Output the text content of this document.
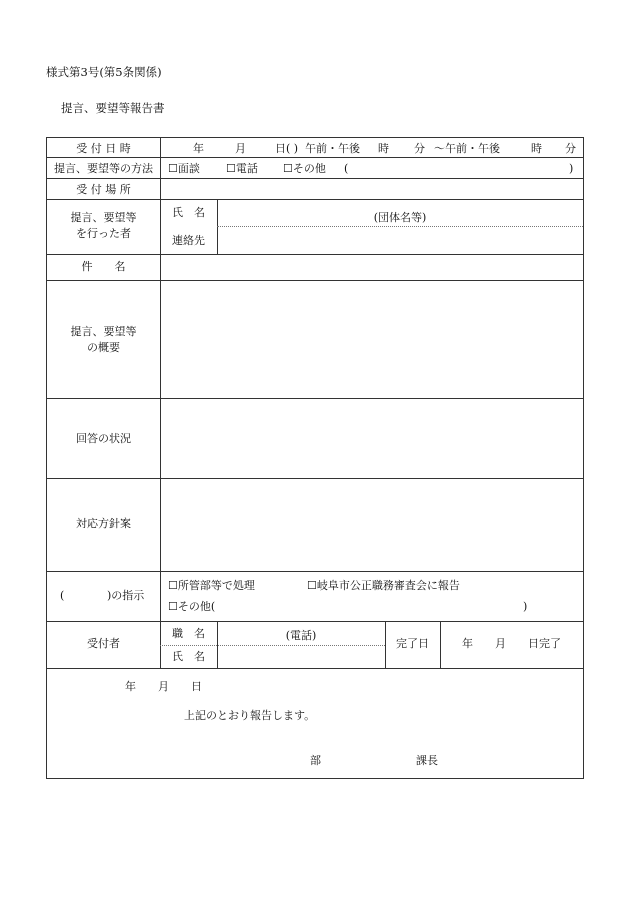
様式第3号(第5条関係)
提言、要望等報告書
受 付 日 時	年	月	日( ) 午前・午後 時 分 ～ 午前・午後	時 分
提言、要望等の方法	☐面談 ☐電話 ☐その他 (	)
受 付 場 所
提言、要望等
を行った者
氏　名	(団体名等)
連絡先
件　　名
提言、要望等
の概要
回答の状況
対応方針案
(	)の指示
☐所管部等で処理	☐岐阜市公正職務審査会に報告
☐その他(	)
受付者
職　名	(電話)
氏　名
完了日	年　　月　　日完了
年　　月　　日
上記のとおり報告します。
部	課長
